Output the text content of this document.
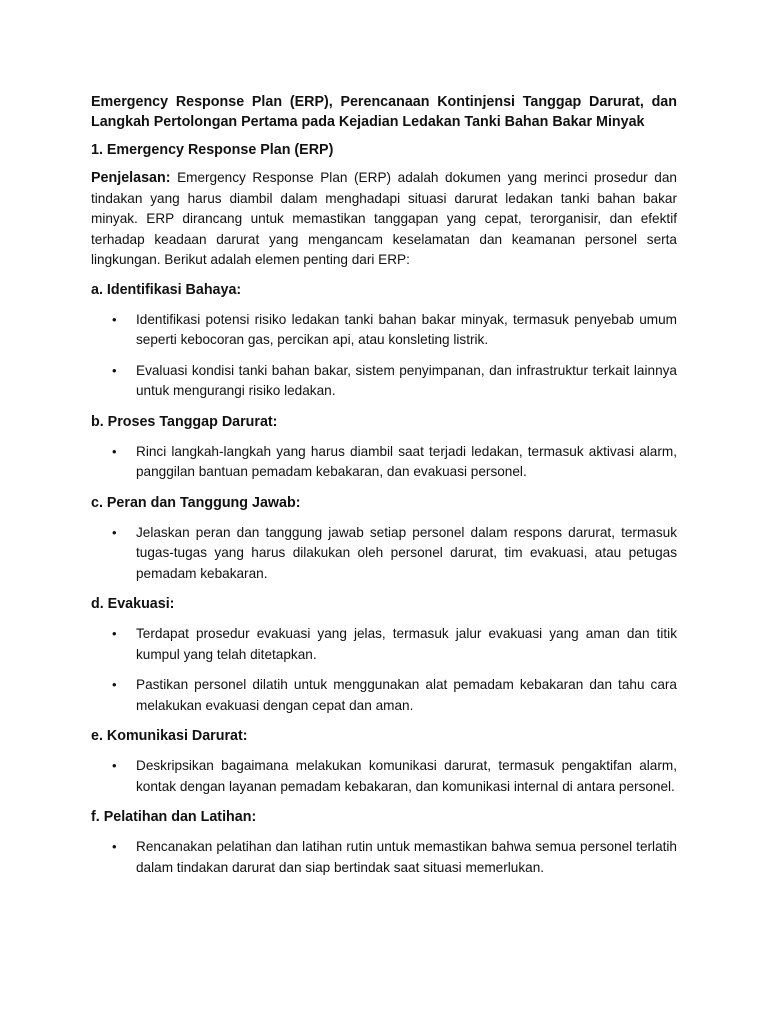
Emergency Response Plan (ERP), Perencanaan Kontinjensi Tanggap Darurat, dan Langkah Pertolongan Pertama pada Kejadian Ledakan Tanki Bahan Bakar Minyak
1. Emergency Response Plan (ERP)

Penjelasan: Emergency Response Plan (ERP) adalah dokumen yang merinci prosedur dan tindakan yang harus diambil dalam menghadapi situasi darurat ledakan tanki bahan bakar minyak. ERP dirancang untuk memastikan tanggapan yang cepat, terorganisir, dan efektif terhadap keadaan darurat yang mengancam keselamatan dan keamanan personel serta lingkungan. Berikut adalah elemen penting dari ERP:

a. Identifikasi Bahaya:
• Identifikasi potensi risiko ledakan tanki bahan bakar minyak, termasuk penyebab umum seperti kebocoran gas, percikan api, atau konsleting listrik.
• Evaluasi kondisi tanki bahan bakar, sistem penyimpanan, dan infrastruktur terkait lainnya untuk mengurangi risiko ledakan.
b. Proses Tanggap Darurat:
• Rinci langkah-langkah yang harus diambil saat terjadi ledakan, termasuk aktivasi alarm, panggilan bantuan pemadam kebakaran, dan evakuasi personel.
c. Peran dan Tanggung Jawab:
• Jelaskan peran dan tanggung jawab setiap personel dalam respons darurat, termasuk tugas-tugas yang harus dilakukan oleh personel darurat, tim evakuasi, atau petugas pemadam kebakaran.
d. Evakuasi:
• Terdapat prosedur evakuasi yang jelas, termasuk jalur evakuasi yang aman dan titik kumpul yang telah ditetapkan.
• Pastikan personel dilatih untuk menggunakan alat pemadam kebakaran dan tahu cara melakukan evakuasi dengan cepat dan aman.
e. Komunikasi Darurat:
• Deskripsikan bagaimana melakukan komunikasi darurat, termasuk pengaktifan alarm, kontak dengan layanan pemadam kebakaran, dan komunikasi internal di antara personel.
f. Pelatihan dan Latihan:
• Rencanakan pelatihan dan latihan rutin untuk memastikan bahwa semua personel terlatih dalam tindakan darurat dan siap bertindak saat situasi memerlukan.
